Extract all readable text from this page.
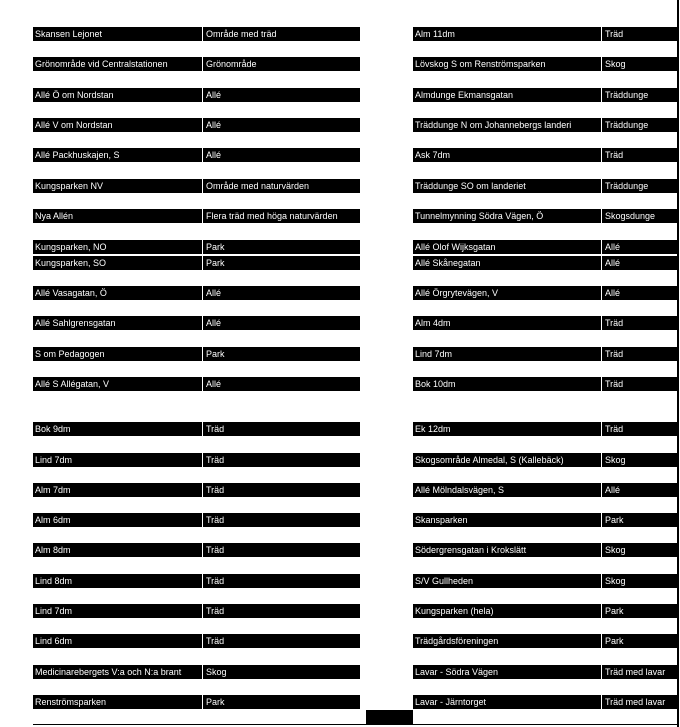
Skansen Lejonet	Område med träd
Grönområde vid Centralstationen	Grönområde
Allé Ö om Nordstan	Allé
Allé V om Nordstan	Allé
Allé Packhuskajen, S	Allé
Kungsparken NV	Område med naturvärden
Nya Allén	Flera träd med höga naturvärden
Kungsparken, NO	Park
Kungsparken, SO	Park
Allé Vasagatan, Ö	Allé
Allé Sahlgrensgatan	Allé
S om Pedagogen	Park
Allé S Allégatan, V	Allé
Bok 9dm	Träd
Lind 7dm	Träd
Alm 7dm	Träd
Alm 6dm	Träd
Alm 8dm	Träd
Lind 8dm	Träd
Lind 7dm	Träd
Lind 6dm	Träd
Medicinarebergets V:a och N:a brant	Skog
Renströmsparken	Park
Alm 11dm	Träd
Lövskog S om Renströmsparken	Skog
Almdunge Ekmansgatan	Träddunge
Träddunge N om Johannebergs landeri	Träddunge
Ask 7dm	Träd
Träddunge SO om landeriet	Träddunge
Tunnelmynning Södra Vägen, Ö	Skogsdunge
Allé Olof Wijksgatan	Allé
Allé Skånegatan	Allé
Allé Örgrytevägen, V	Allé
Alm 4dm	Träd
Lind 7dm	Träd
Bok 10dm	Träd
Ek 12dm	Träd
Skogsområde Almedal, S (Kallebäck)	Skog
Allé Mölndalsvägen, S	Allé
Skansparken	Park
Södergrensgatan i Krokslätt	Skog
S/V Gullheden	Skog
Kungsparken (hela)	Park
Trädgårdsföreningen	Park
Lavar - Södra Vägen	Träd med lavar
Lavar - Järntorget	Träd med lavar
